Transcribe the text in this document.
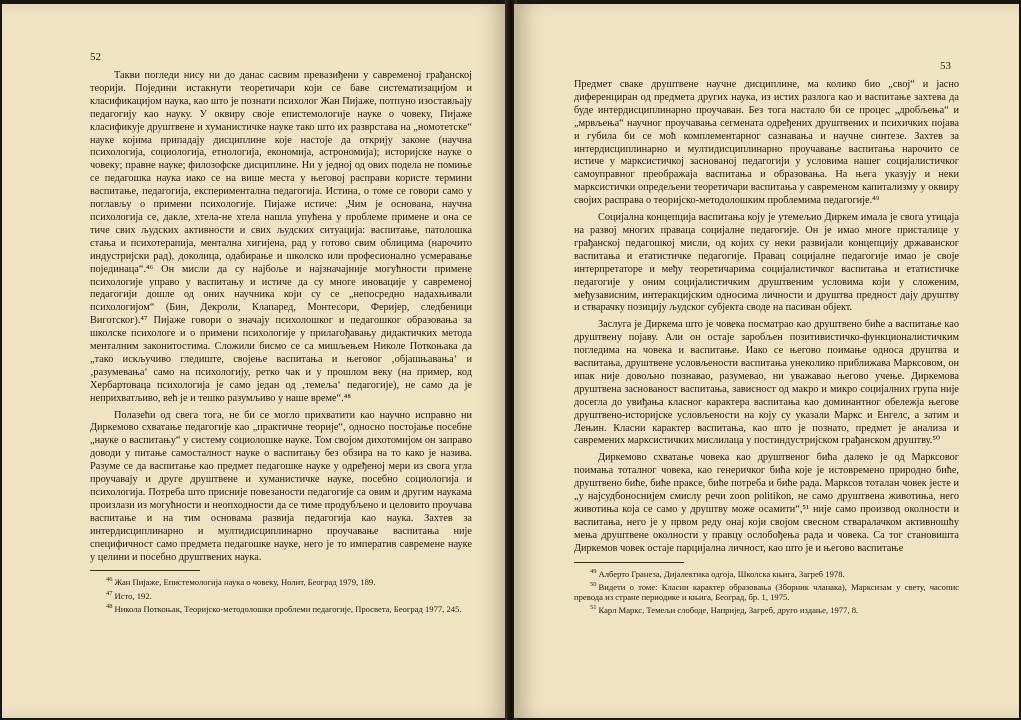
52

Такви погледи нису ни до данас сасвим превазиђени у савременој грађанској теорији. Поједини истакнути теоретичари који се баве систематизацијом и класификацијом наука, као што је познати психолог Жан Пијаже, потпуно изостављају педагогију као науку. У оквиру своје епистемологије науке о човеку, Пијаже класификује друштвене и хуманистичке науке тако што их разврстава на „номотетске“ науке којима припадају дисциплине које настоје да открију законе (научна психологија, социологија, етнологија, економија, астрономија); историјске науке о човеку; правне науке; филозофске дисциплине. Ни у једној од ових подела не помиње се педагошка наука иако се на више места у његовој расправи користе термини васпитање, педагогија, експериментална педагогија. Истина, о томе се говори само у поглављу о примени психологије. Пијаже истиче: „Чим је основана, научна психологија се, дакле, хтела-не хтела нашла упућена у проблеме примене и она се тиче свих људских активности и свих људских ситуација: васпитање, патолошка стања и психотерапија, ментална хигијена, рад у готово свим облицима (нарочито индустријски рад), доколица, одабирање и школско или професионално усмеравање појединаца“.⁴⁶ Он мисли да су најбоље и најзначајније могућности примене психологије управо у васпитању и истиче да су многе иновације у савременој педагогији дошле од оних научника који су се „непосредно надахњивали психологијом“ (Бин, Декроли, Клапаред, Монтесори, Феријер, следбеници Виготског).⁴⁷ Пијаже говори о значају психолошког и педагошког образовања за школске психологе и о примени психологије у прилагођавању дидактичких метода менталним законитостима. Сложили бисмо се са мишљењем Николе Поткоњака да „тако искључиво гледиште, својење васпитања и његовог ‚објашњавања‘ и ‚разумевања‘ само на психологију, ретко чак и у прошлом веку (на пример, код Хербартоваца психологија је само један од ‚темеља‘ педагогије), не само да је неприхватљиво, већ је и тешко разумљиво у наше време“.⁴⁸

Полазећи од свега тога, не би се могло прихватити као научно исправно ни Диркемово схватање педагогије као „практичне теорије“, односно постојање посебне „науке о васпитању“ у систему социолошке науке. Том својом дихотомијом он заправо доводи у питање самосталност науке о васпитању без обзира на то како је назива. Разуме се да васпитање као предмет педагошке науке у одређеној мери из свога угла проучавају и друге друштвене и хуманистичке науке, посебно социологија и психологија. Потреба што присније повезаности педагогије са овим и другим наукама произлази из могућности и неопходности да се тиме продубљено и целовито проучава васпитање и на тим основама развија педагогија као наука. Захтев за интердисциплинарно и мултидисциплинарно проучавање васпитања није специфичност само предмета педагошке науке, него је то императив савремене науке у целини и посебно друштвених наука.

$^{46}$ Жан Пијаже, Епистемологија наука о човеку, Нолит, Београд 1979, 189.
$^{47}$ Исто, 192.
$^{48}$ Никола Поткоњак, Теоријско-методолошки проблеми педагогије, Просвета, Београд 1977, 245.
53

Предмет сваке друштвене научне дисциплине, ма колико био „свој“ и јасно диференциран од предмета других наука, из истих разлога као и васпитање захтева да буде интердисциплинарно проучаван. Без тога настало би се процес „дробљења“ и „мрвљења“ научног проучавања сегмената одређених друштвених и психичких појава и губила би се моћ комплементарног сазнавања и научне синтезе. Захтев за интердисциплинарно и мултидисциплинарно проучавање васпитања нарочито се истиче у марксистичкој заснованој педагогији у условима нашег социјалистичког самоуправног преображаја васпитања и образовања. На њега указују и неки марксистички опредељени теоретичари васпитања у савременом капитализму у оквиру својих расправа о теоријско-методолошким проблемима педагогије.⁴⁹

Социјална концепција васпитања коју је утемељио Диркем имала је свога утицаја на развој многих праваца социјалне педагогије. Он је имао многе присталице у грађанској педагошкој мисли, од којих су неки развијали концепцију државанског васпитања и етатистичке педагогије. Правац социјалне педагогије имао је своје интерпретаторе и међу теоретичарима социјалистичког васпитања и етатистичке педагогије у оним социјалистичким друштвеним условима који у сложеним, међузависним, интеракцијским односима личности и друштва предност дају друштву и стварачку позицију људског субјекта своде на пасиван објект.

Заслуга је Диркема што је човека посматрао као друштвено биће а васпитање као друштвену појаву. Али он остаје заробљен позитивистичко-функционалистичким погледима на човека и васпитање. Иако се његово поимање односа друштва и васпитања, друштвене условљености васпитања унеколико приближава Марксовом, он ипак није довољно познавао, разумевао, ни уважавао његово учење. Диркемова друштвена заснованост васпитања, зависност од макро и микро социјалних група није досегла до увиђања класног карактера васпитања као доминантног обележја његове друштвено-историјске условљености на коју су указали Маркс и Енгелс, а затим и Лењин. Класни карактер васпитања, као што је познато, предмет је анализа и савремених марксистичких мислилаца у постиндустријском грађанском друштву.⁵⁰

Диркемово схватање човека као друштвеног бића далеко је од Марксовог поимања тоталног човека, као генеричког бића које је истовремено природно биће, друштвено биће, биће праксе, биће потреба и биће рада. Марксов тоталан човек јесте и „у најсудбоноснијем смислу речи zoon politikon, не само друштвена животиња, него животиња која се само у друштву може осамити“,⁵¹ није само производ околности и васпитања, него је у првом реду онај који својом свесном стваралачком активношћу мења друштвене околности у правцу ослобођења рада и човека. Са тог становишта Диркемов човек остаје парцијална личност, као што је и његово васпитање

$^{49}$ Алберто Гранеза, Дијалектика одгоја, Школска књига, Загреб 1978.
$^{50}$ Видети о томе: Класни карактер образовања (Зборник чланака), Марксизам у свету, часопис превода из стране периодике и књига, Београд, бр. 1, 1975.
$^{51}$ Карл Маркс, Темељи слободе, Напријед, Загреб, друго издање, 1977, 8.
